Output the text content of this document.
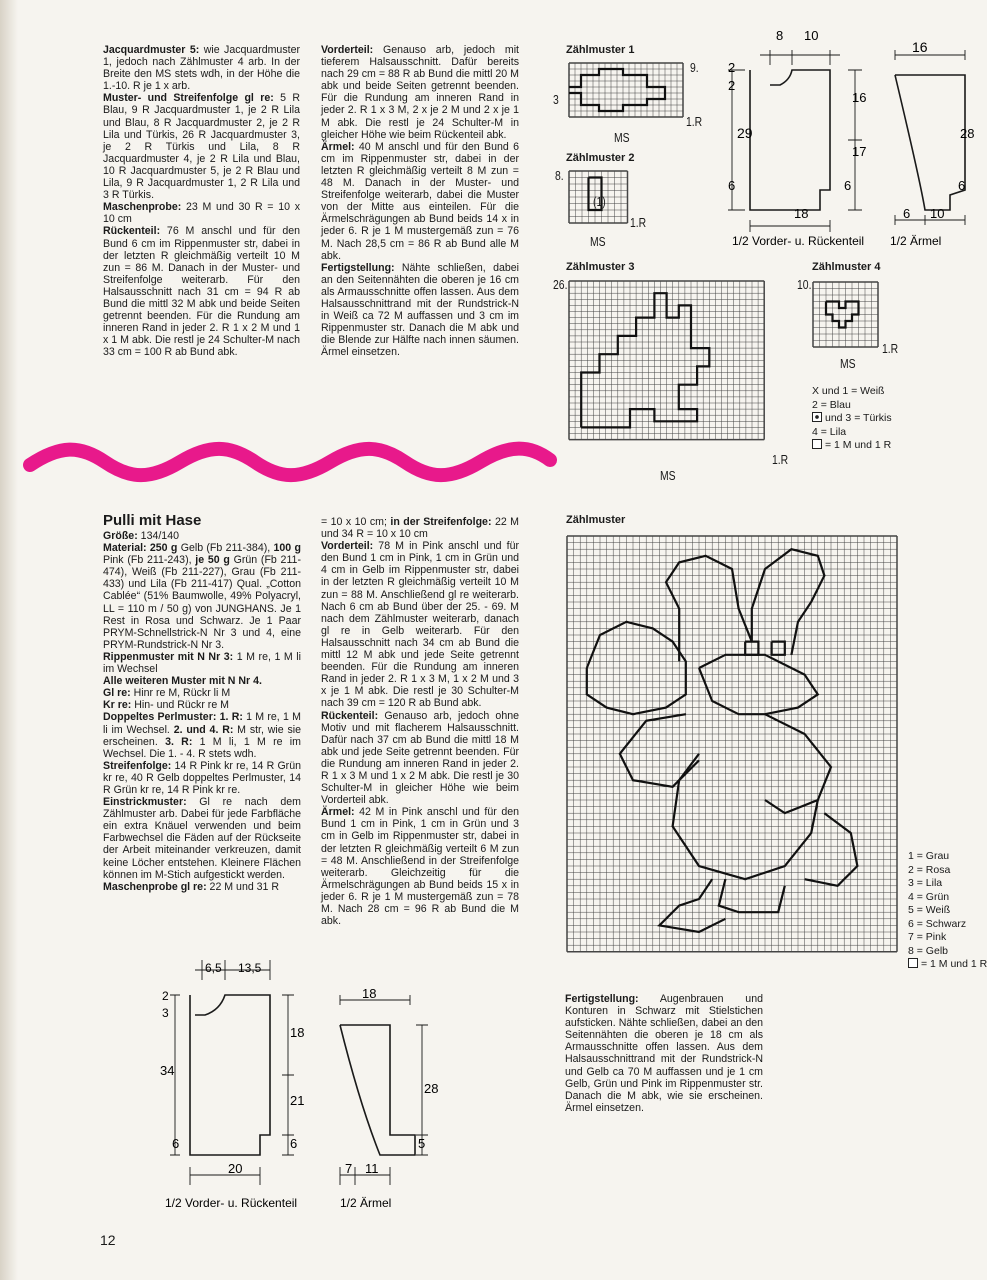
Jacquardmuster 5: wie Jacquardmuster 1, jedoch nach Zählmuster 4 arb. In der Breite den MS stets wdh, in der Höhe die 1.-10. R je 1 x arb.

Muster- und Streifenfolge gl re: 5 R Blau, 9 R Jacquardmuster 1, je 2 R Lila und Blau, 8 R Jacquardmuster 2, je 2 R Lila und Türkis, 26 R Jacquardmuster 3, je 2 R Türkis und Lila, 8 R Jacquardmuster 4, je 2 R Lila und Blau, 10 R Jacquardmuster 5, je 2 R Blau und Lila, 9 R Jacquardmuster 1, 2 R Lila und 3 R Türkis.

Maschenprobe: 23 M und 30 R = 10 x 10 cm

Rückenteil: 76 M anschl und für den Bund 6 cm im Rippenmuster str, dabei in der letzten R gleichmäßig verteilt 10 M zun = 86 M. Danach in der Muster- und Streifenfolge weiterarb. Für den Halsausschnitt nach 31 cm = 94 R ab Bund die mittl 32 M abk und beide Seiten getrennt beenden. Für die Rundung am inneren Rand in jeder 2. R 1 x 2 M und 1 x 1 M abk. Die restl je 24 Schulter-M nach 33 cm = 100 R ab Bund abk.

Vorderteil: Genauso arb, jedoch mit tieferem Halsausschnitt. Dafür bereits nach 29 cm = 88 R ab Bund die mittl 20 M abk und beide Seiten getrennt beenden. Für die Rundung am inneren Rand in jeder 2. R 1 x 3 M, 2 x je 2 M und 2 x je 1 M abk. Die restl je 24 Schulter-M in gleicher Höhe wie beim Rückenteil abk.

Ärmel: 40 M anschl und für den Bund 6 cm im Rippenmuster str, dabei in der letzten R gleichmäßig verteilt 8 M zun = 48 M. Danach in der Muster- und Streifenfolge weiterarb, dabei die Muster von der Mitte aus einteilen. Für die Ärmelschrägungen ab Bund beids 14 x in jeder 6. R je 1 M mustergemäß zun = 76 M. Nach 28,5 cm = 86 R ab Bund alle M abk.

Fertigstellung: Nähte schließen, dabei an den Seitennähten die oberen je 16 cm als Armausschnitte offen lassen. Aus dem Halsausschnittrand mit der Rundstrick-N in Weiß ca 72 M auffassen und 3 cm im Rippenmuster str. Danach die M abk und die Blende zur Hälfte nach innen säumen. Ärmel einsetzen.

Pulli mit Hase

Größe: 134/140

Material: 250 g Gelb (Fb 211-384), 100 g Pink (Fb 211-243), je 50 g Grün (Fb 211-474), Weiß (Fb 211-227), Grau (Fb 211-433) und Lila (Fb 211-417) Qual. „Cotton Cablée“ (51% Baumwolle, 49% Polyacryl, LL = 110 m / 50 g) von JUNGHANS. Je 1 Rest in Rosa und Schwarz. Je 1 Paar PRYM-Schnellstrick-N Nr 3 und 4, eine PRYM-Rundstrick-N Nr 3.

Rippenmuster mit N Nr 3: 1 M re, 1 M li im Wechsel

Alle weiteren Muster mit N Nr 4.

Gl re: Hinr re M, Rückr li M

Kr re: Hin- und Rückr re M

Doppeltes Perlmuster: 1. R: 1 M re, 1 M li im Wechsel. 2. und 4. R: M str, wie sie erscheinen. 3. R: 1 M li, 1 M re im Wechsel. Die 1. - 4. R stets wdh.

Streifenfolge: 14 R Pink kr re, 14 R Grün kr re, 40 R Gelb doppeltes Perlmuster, 14 R Grün kr re, 14 R Pink kr re.

Einstrickmuster: Gl re nach dem Zählmuster arb. Dabei für jede Farbfläche ein extra Knäuel verwenden und beim Farbwechsel die Fäden auf der Rückseite der Arbeit miteinander verkreuzen, damit keine Löcher entstehen. Kleinere Flächen können im M-Stich aufgestickt werden.

Maschenprobe gl re: 22 M und 31 R

= 10 x 10 cm; in der Streifenfolge: 22 M und 34 R = 10 x 10 cm

Vorderteil: 78 M in Pink anschl und für den Bund 1 cm in Pink, 1 cm in Grün und 4 cm in Gelb im Rippenmuster str, dabei in der letzten R gleichmäßig verteilt 10 M zun = 88 M. Anschließend gl re weiterarb. Nach 6 cm ab Bund über der 25. - 69. M nach dem Zählmuster weiterarb, danach gl re in Gelb weiterarb. Für den Halsausschnitt nach 34 cm ab Bund die mittl 12 M abk und jede Seite getrennt beenden. Für die Rundung am inneren Rand in jeder 2. R 1 x 3 M, 1 x 2 M und 3 x je 1 M abk. Die restl je 30 Schulter-M nach 39 cm = 120 R ab Bund abk.

Rückenteil: Genauso arb, jedoch ohne Motiv und mit flacherem Halsausschnitt. Dafür nach 37 cm ab Bund die mittl 18 M abk und jede Seite getrennt beenden. Für die Rundung am inneren Rand in jeder 2. R 1 x 3 M und 1 x 2 M abk. Die restl je 30 Schulter-M in gleicher Höhe wie beim Vorderteil abk.

Ärmel: 42 M in Pink anschl und für den Bund 1 cm in Pink, 1 cm in Grün und 3 cm in Gelb im Rippenmuster str, dabei in der letzten R gleichmäßig verteilt 6 M zun = 48 M. Anschließend in der Streifenfolge weiterarb. Gleichzeitig für die Ärmelschrägungen ab Bund beids 15 x in jeder 6. R je 1 M mustergemäß zun = 78 M. Nach 28 cm = 96 R ab Bund die M abk.

Fertigstellung: Augenbrauen und Konturen in Schwarz mit Stielstichen aufsticken. Nähte schließen, dabei an den Seitennähten die oberen je 18 cm als Armausschnitte offen lassen. Aus dem Halsausschnittrand mit der Rundstrick-N und Gelb ca 70 M auffassen und je 1 cm Gelb, Grün und Pink im Rippenmuster str. Danach die M abk, wie sie erscheinen. Ärmel einsetzen.

Zählmuster 1
Zählmuster 2
Zählmuster 3	Zählmuster 4
Zählmuster
9.
1.R
3
MS
8.
(1)
1.R
MS
26.
1.R
MS
10.
1.R
MS
X und 1 = Weiß
2 = Blau
und 3 = Türkis
4 = Lila
= 1 M und 1 R
1 = Grau
2 = Rosa
3 = Lila
4 = Grün
5 = Weiß
6 = Schwarz
7 = Pink
8 = Gelb
= 1 M und 1 R
8 10
16
2
2
16
29
17
28
6	6	6
18	6 10
1/2 Vorder- u. Rückenteil 1/2 Ärmel
6,5 13,5
2
3
34
18
21
6	6
20
18
28
5
7 11
1/2 Vorder- u. Rückenteil	1/2 Ärmel
12
